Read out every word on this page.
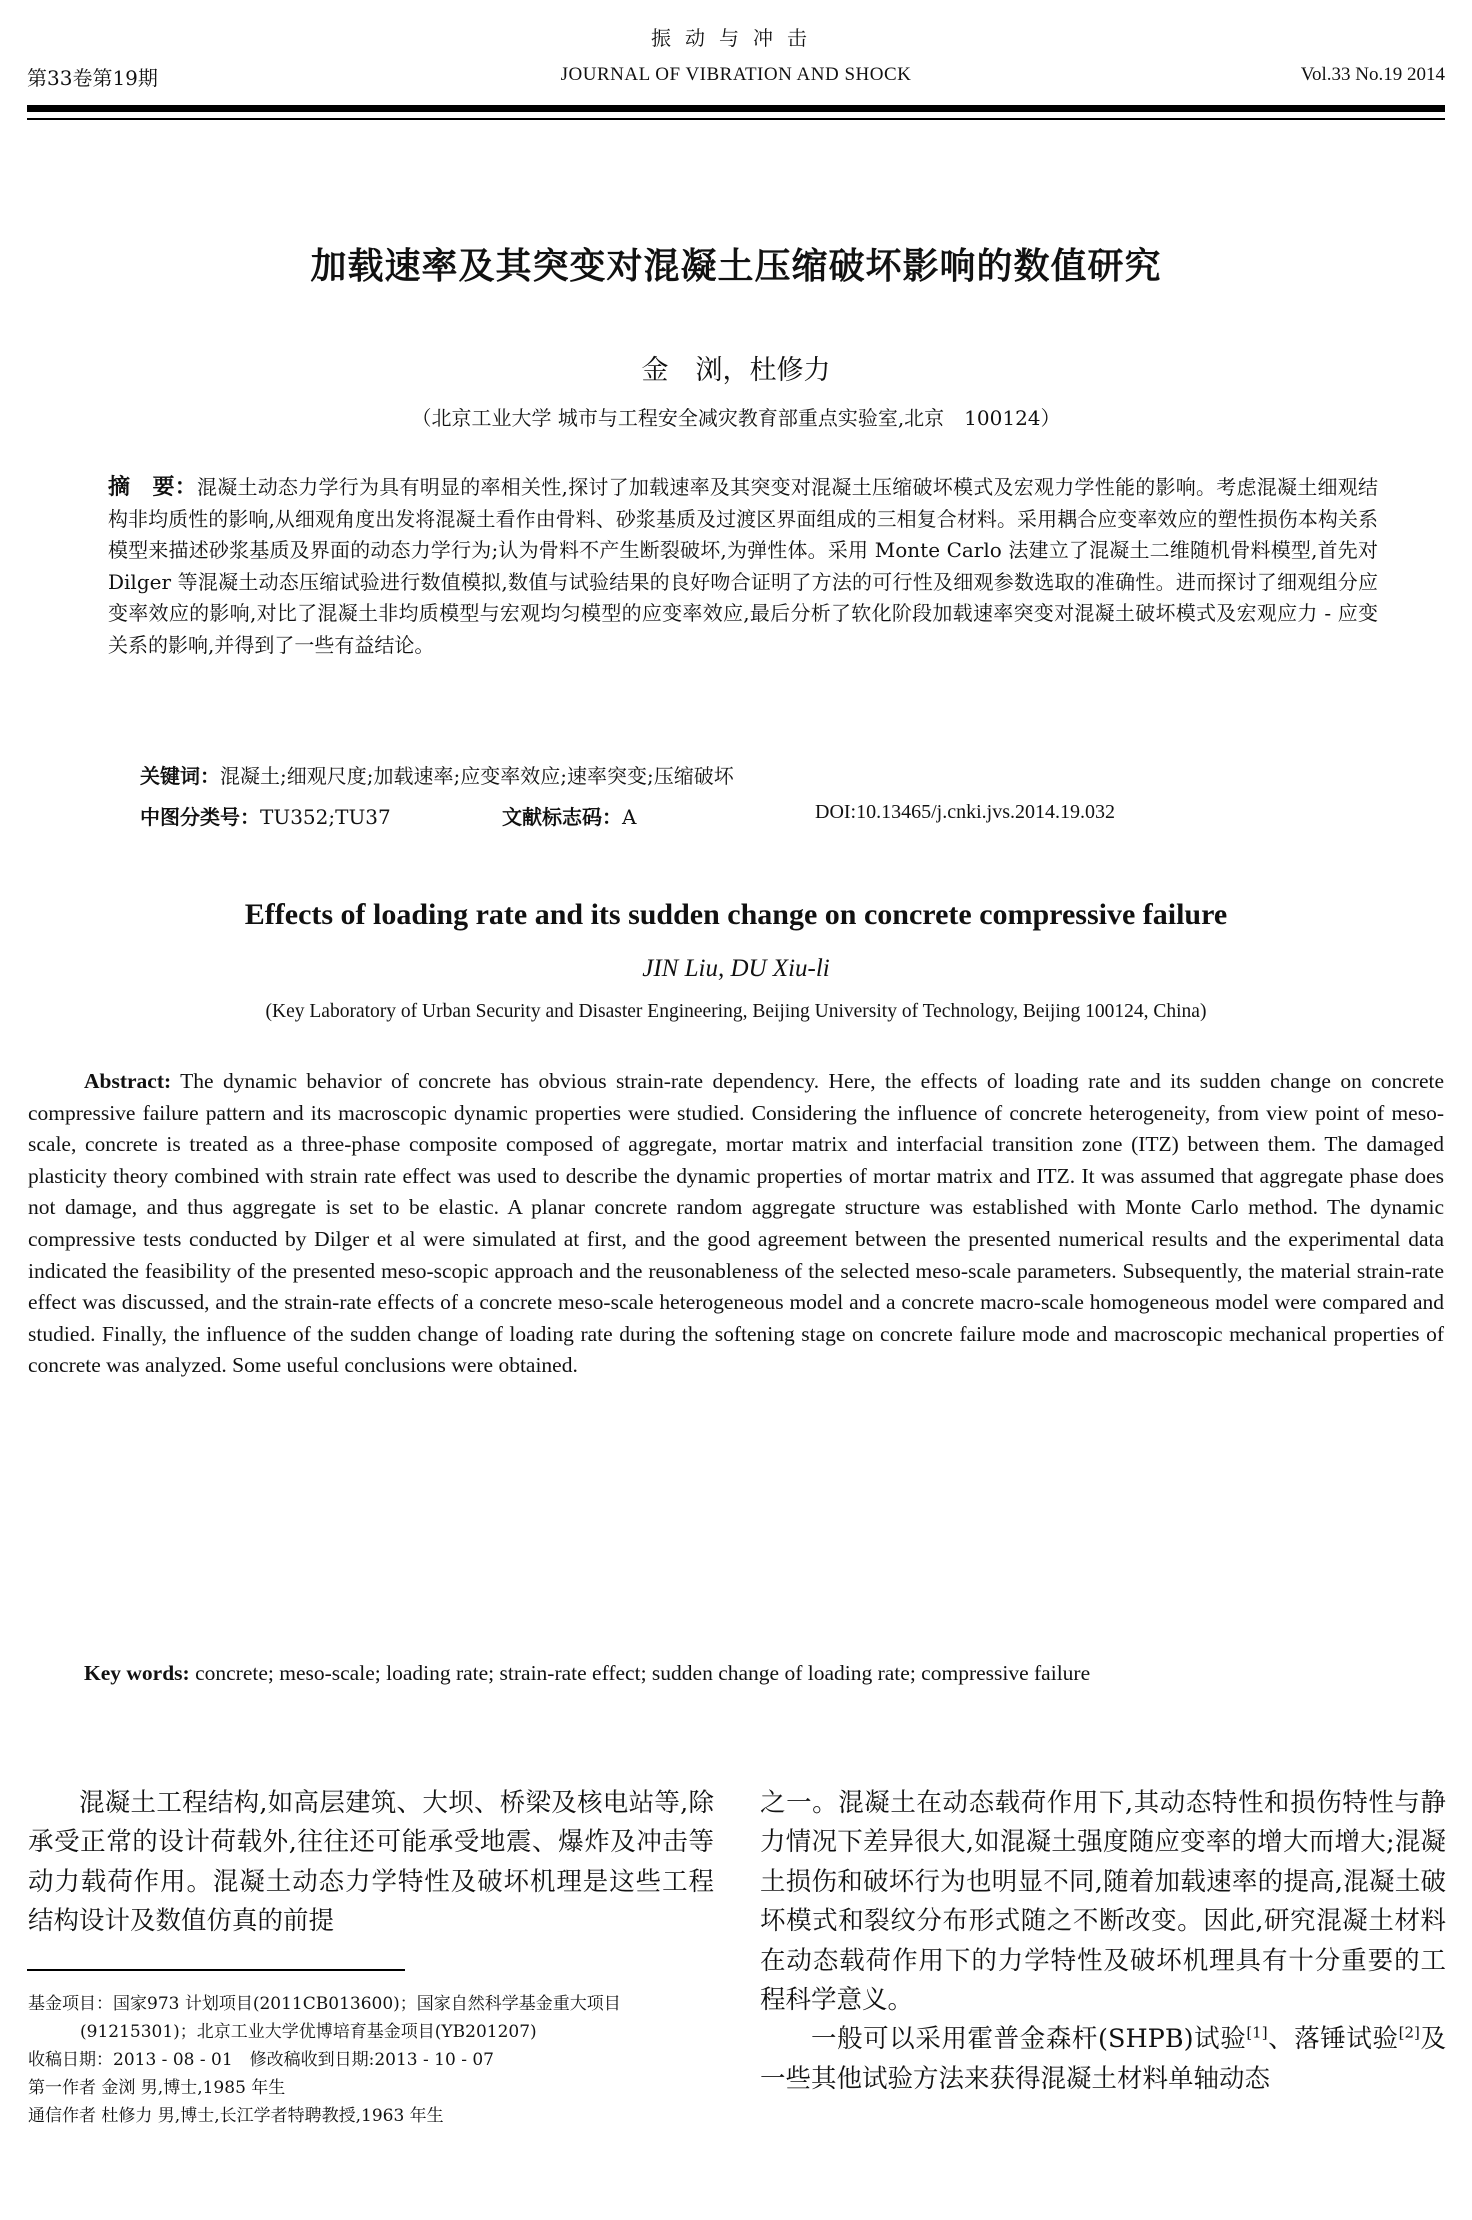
振动与冲击
第33卷第19期	JOURNAL OF VIBRATION AND SHOCK	Vol.33 No.19 2014
加载速率及其突变对混凝土压缩破坏影响的数值研究
金　浏，杜修力
（北京工业大学 城市与工程安全减灾教育部重点实验室,北京　100124）
摘　要：混凝土动态力学行为具有明显的率相关性,探讨了加载速率及其突变对混凝土压缩破坏模式及宏观力学性能的影响。考虑混凝土细观结构非均质性的影响,从细观角度出发将混凝土看作由骨料、砂浆基质及过渡区界面组成的三相复合材料。采用耦合应变率效应的塑性损伤本构关系模型来描述砂浆基质及界面的动态力学行为;认为骨料不产生断裂破坏,为弹性体。采用 Monte Carlo 法建立了混凝土二维随机骨料模型,首先对 Dilger 等混凝土动态压缩试验进行数值模拟,数值与试验结果的良好吻合证明了方法的可行性及细观参数选取的准确性。进而探讨了细观组分应变率效应的影响,对比了混凝土非均质模型与宏观均匀模型的应变率效应,最后分析了软化阶段加载速率突变对混凝土破坏模式及宏观应力 - 应变关系的影响,并得到了一些有益结论。
关键词：混凝土;细观尺度;加载速率;应变率效应;速率突变;压缩破坏
中图分类号：TU352;TU37	文献标志码：A	DOI:10.13465/j.cnki.jvs.2014.19.032
Effects of loading rate and its sudden change on concrete compressive failure
JIN Liu, DU Xiu-li
(Key Laboratory of Urban Security and Disaster Engineering, Beijing University of Technology, Beijing 100124, China)
Abstract: The dynamic behavior of concrete has obvious strain-rate dependency. Here, the effects of loading rate and its sudden change on concrete compressive failure pattern and its macroscopic dynamic properties were studied. Considering the influence of concrete heterogeneity, from view point of meso-scale, concrete is treated as a three-phase composite composed of aggregate, mortar matrix and interfacial transition zone (ITZ) between them. The damaged plasticity theory combined with strain rate effect was used to describe the dynamic properties of mortar matrix and ITZ. It was assumed that aggregate phase does not damage, and thus aggregate is set to be elastic. A planar concrete random aggregate structure was established with Monte Carlo method. The dynamic compressive tests conducted by Dilger et al were simulated at first, and the good agreement between the presented numerical results and the experimental data indicated the feasibility of the presented meso-scopic approach and the reusonableness of the selected meso-scale parameters. Subsequently, the material strain-rate effect was discussed, and the strain-rate effects of a concrete meso-scale heterogeneous model and a concrete macro-scale homogeneous model were compared and studied. Finally, the influence of the sudden change of loading rate during the softening stage on concrete failure mode and macroscopic mechanical properties of concrete was analyzed. Some useful conclusions were obtained.
Key words: concrete; meso-scale; loading rate; strain-rate effect; sudden change of loading rate; compressive failure

混凝土工程结构,如高层建筑、大坝、桥梁及核电站等,除承受正常的设计荷载外,往往还可能承受地震、爆炸及冲击等动力载荷作用。混凝土动态力学特性及破坏机理是这些工程结构设计及数值仿真的前提

基金项目：国家973 计划项目(2011CB013600)；国家自然科学基金重大项目(91215301)；北京工业大学优博培育基金项目(YB201207)

收稿日期：2013 - 08 - 01　修改稿收到日期:2013 - 10 - 07

第一作者 金浏 男,博士,1985 年生

通信作者 杜修力 男,博士,长江学者特聘教授,1963 年生

之一。混凝土在动态载荷作用下,其动态特性和损伤特性与静力情况下差异很大,如混凝土强度随应变率的增大而增大;混凝土损伤和破坏行为也明显不同,随着加载速率的提高,混凝土破坏模式和裂纹分布形式随之不断改变。因此,研究混凝土材料在动态载荷作用下的力学特性及破坏机理具有十分重要的工程科学意义。

一般可以采用霍普金森杆(SHPB)试验[1]、落锤试验[2]及一些其他试验方法来获得混凝土材料单轴动态
